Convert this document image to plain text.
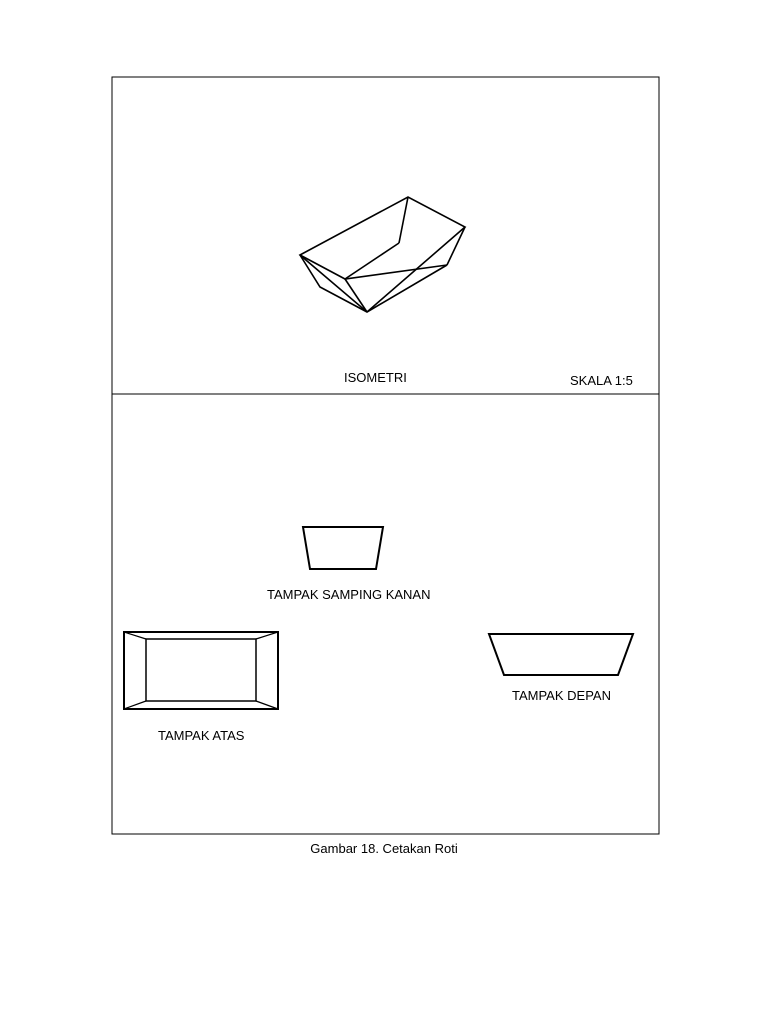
ISOMETRI	SKALA 1:5
TAMPAK SAMPING KANAN
TAMPAK ATAS
TAMPAK DEPAN
Gambar 18. Cetakan Roti
